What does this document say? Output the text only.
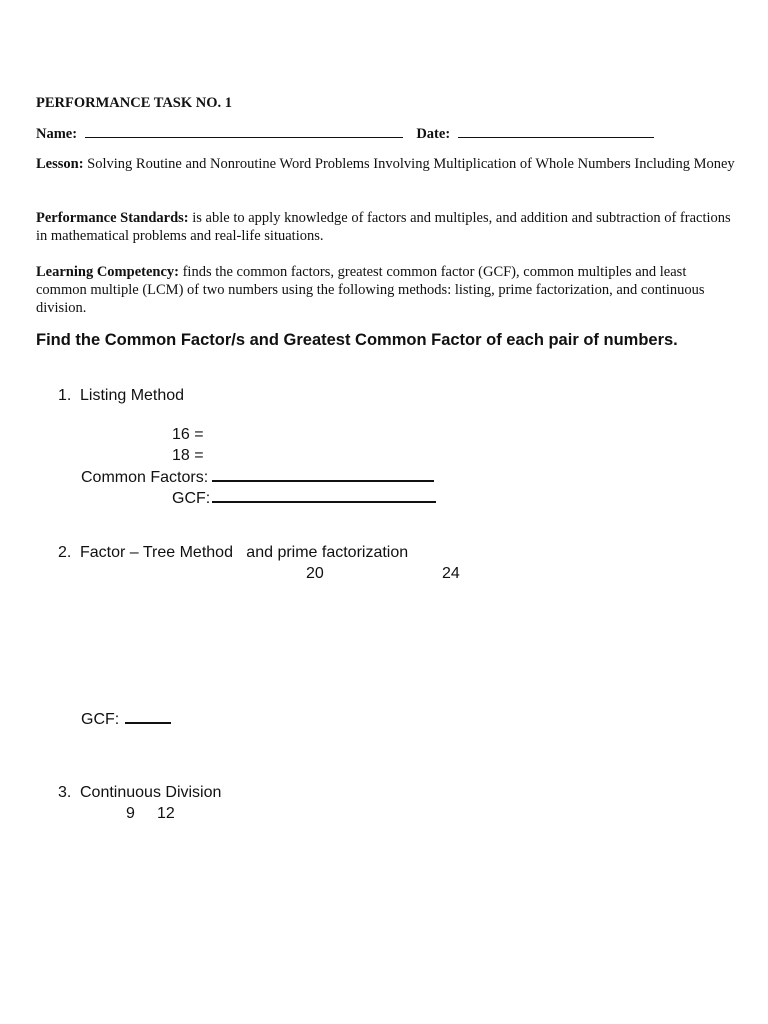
PERFORMANCE TASK NO. 1
Name:	Date:
Lesson: Solving Routine and Nonroutine Word Problems Involving Multiplication of Whole Numbers Including Money
Performance Standards: is able to apply knowledge of factors and multiples, and addition and subtraction of fractions in mathematical problems and real-life situations.
Learning Competency: finds the common factors, greatest common factor (GCF), common multiples and least common multiple (LCM) of two numbers using the following methods: listing, prime factorization, and continuous division.
Find the Common Factor/s and Greatest Common Factor of each pair of numbers.
1. Listing Method
16 =
18 =
Common Factors:
GCF:
2. Factor – Tree Method   and prime factorization
20	24
GCF:
3. Continuous Division
9 12
